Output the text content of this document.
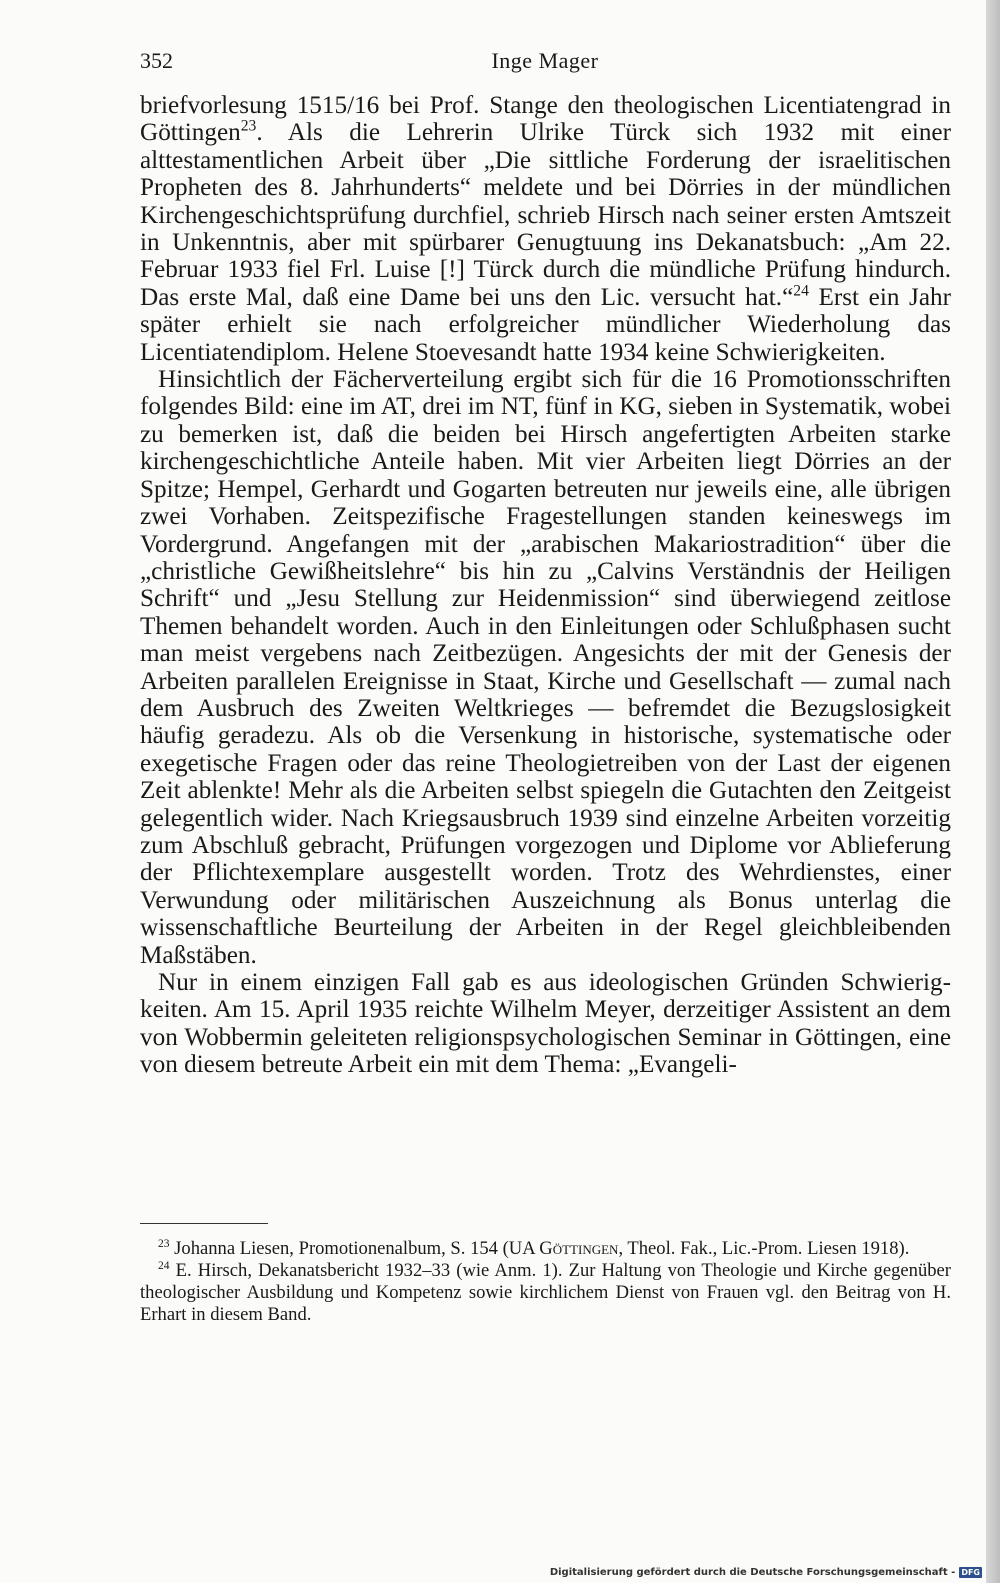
352	Inge Mager

briefvorlesung 1515/16 bei Prof. Stange den theologischen Licentiatengrad in Göttingen$^{23}$. Als die Lehrerin Ulrike Türck sich 1932 mit einer alttestamentlichen Arbeit über „Die sittliche Forderung der israelitischen Propheten des 8. Jahrhunderts“ meldete und bei Dörries in der mündlichen Kirchengeschichtsprüfung durchfiel, schrieb Hirsch nach seiner ersten Amtszeit in Unkenntnis, aber mit spürbarer Genugtuung ins Dekanatsbuch: „Am 22. Februar 1933 fiel Frl. Luise [!] Türck durch die mündliche Prüfung hindurch. Das erste Mal, daß eine Dame bei uns den Lic. versucht hat.“$^{24}$ Erst ein Jahr später erhielt sie nach erfolgreicher mündlicher Wiederholung das Licentiatendiplom. Helene Stoevesandt hatte 1934 keine Schwierigkeiten.

Hinsichtlich der Fächerverteilung ergibt sich für die 16 Promotionsschriften folgendes Bild: eine im AT, drei im NT, fünf in KG, sieben in Systematik, wobei zu bemerken ist, daß die beiden bei Hirsch angefertigten Arbeiten starke kirchengeschichtliche Anteile haben. Mit vier Arbeiten liegt Dörries an der Spitze; Hempel, Gerhardt und Gogarten betreuten nur jeweils eine, alle übrigen zwei Vorhaben. Zeitspezifische Fragestellungen standen keineswegs im Vordergrund. Angefangen mit der „arabischen Makariostradition“ über die „christliche Gewißheitslehre“ bis hin zu „Calvins Verständnis der Heiligen Schrift“ und „Jesu Stellung zur Heidenmission“ sind überwiegend zeitlose Themen behandelt worden. Auch in den Einleitungen oder Schlußphasen sucht man meist vergebens nach Zeitbezügen. Angesichts der mit der Genesis der Arbeiten parallelen Ereignisse in Staat, Kirche und Gesellschaft — zumal nach dem Ausbruch des Zweiten Weltkrieges — befremdet die Bezugslosigkeit häufig geradezu. Als ob die Versenkung in historische, systematische oder exegetische Fragen oder das reine Theologietreiben von der Last der eigenen Zeit ablenkte! Mehr als die Arbeiten selbst spiegeln die Gutachten den Zeitgeist gelegentlich wider. Nach Kriegsausbruch 1939 sind einzelne Arbeiten vorzeitig zum Abschluß gebracht, Prüfungen vorgezogen und Diplome vor Ablieferung der Pflichtexemplare ausgestellt worden. Trotz des Wehrdienstes, einer Verwundung oder militärischen Auszeichnung als Bonus unterlag die wissenschaftliche Beurteilung der Arbeiten in der Regel gleichbleibenden Maßstäben.

Nur in einem einzigen Fall gab es aus ideologischen Gründen Schwierigkeiten. Am 15. April 1935 reichte Wilhelm Meyer, derzeitiger Assistent an dem von Wobbermin geleiteten religionspsychologischen Seminar in Göttingen, eine von diesem betreute Arbeit ein mit dem Thema: „Evangeli-

$^{23}$ Johanna Liesen, Promotionenalbum, S. 154 (UA Göttingen, Theol. Fak., Lic.-Prom. Liesen 1918).

$^{24}$ E. Hirsch, Dekanatsbericht 1932–33 (wie Anm. 1). Zur Haltung von Theologie und Kirche gegenüber theologischer Ausbildung und Kompetenz sowie kirchlichem Dienst von Frauen vgl. den Beitrag von H. Erhart in diesem Band.

Digitalisierung gefördert durch die Deutsche Forschungsgemeinschaft - DFG
